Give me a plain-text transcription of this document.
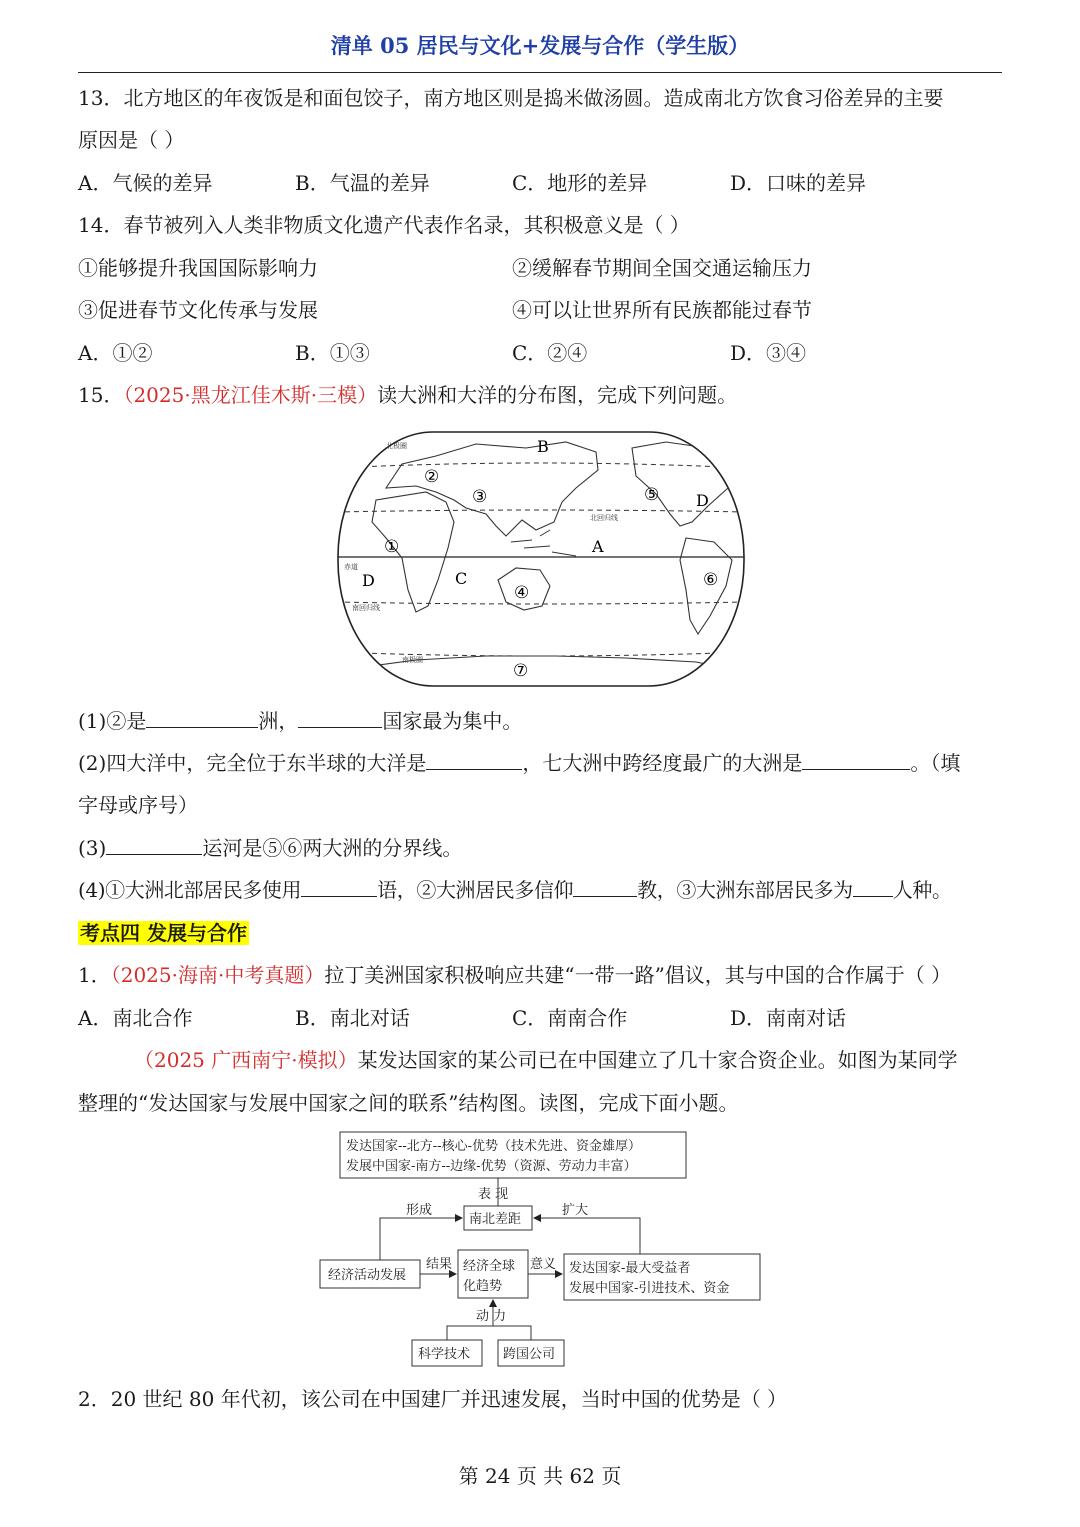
清单 05 居民与文化+发展与合作（学生版）
13．北方地区的年夜饭是和面包饺子，南方地区则是捣米做汤圆。造成南北方饮食习俗差异的主要
原因是（ ）
A．气候的差异	B．气温的差异	C．地形的差异	D．口味的差异
14．春节被列入人类非物质文化遗产代表作名录，其积极意义是（ ）
①能够提升我国国际影响力	②缓解春节期间全国交通运输压力
③促进春节文化传承与发展	④可以让世界所有民族都能过春节
A．①②	B．①③	C．②④	D．③④
15．（2025·黑龙江佳木斯·三模）读大洲和大洋的分布图，完成下列问题。
北极圈
北回归线
赤道
南回归线
南极圈
B
A
C
D
D
①
②
③
④
⑤
⑥
⑦
(1)②是	洲，	国家最为集中。
(2)四大洋中，完全位于东半球的大洋是	，七大洲中跨经度最广的大洲是	。（填
字母或序号）
(3)	运河是⑤⑥两大洲的分界线。
(4)①大洲北部居民多使用	语，②大洲居民多信仰	教，③大洲东部居民多为 人种。
考点四 发展与合作
1．（2025·海南·中考真题）拉丁美洲国家积极响应共建“一带一路”倡议，其与中国的合作属于（ ）
A．南北合作	B．南北对话	C．南南合作	D．南南对话
（2025 广西南宁·模拟）某发达国家的某公司已在中国建立了几十家合资企业。如图为某同学
整理的“发达国家与发展中国家之间的联系”结构图。读图，完成下面小题。
发达国家--北方--核心-优势（技术先进、资金雄厚）
发展中国家-南方--边缘-优势（资源、劳动力丰富）
表 现
南北差距
形成	扩大
经济活动发展
结果 经济全球
化趋势
意义 发达国家-最大受益者
发展中国家-引进技术、资金
动 力
科学技术	跨国公司
2．20 世纪 80 年代初，该公司在中国建厂并迅速发展，当时中国的优势是（ ）
第 24 页 共 62 页
